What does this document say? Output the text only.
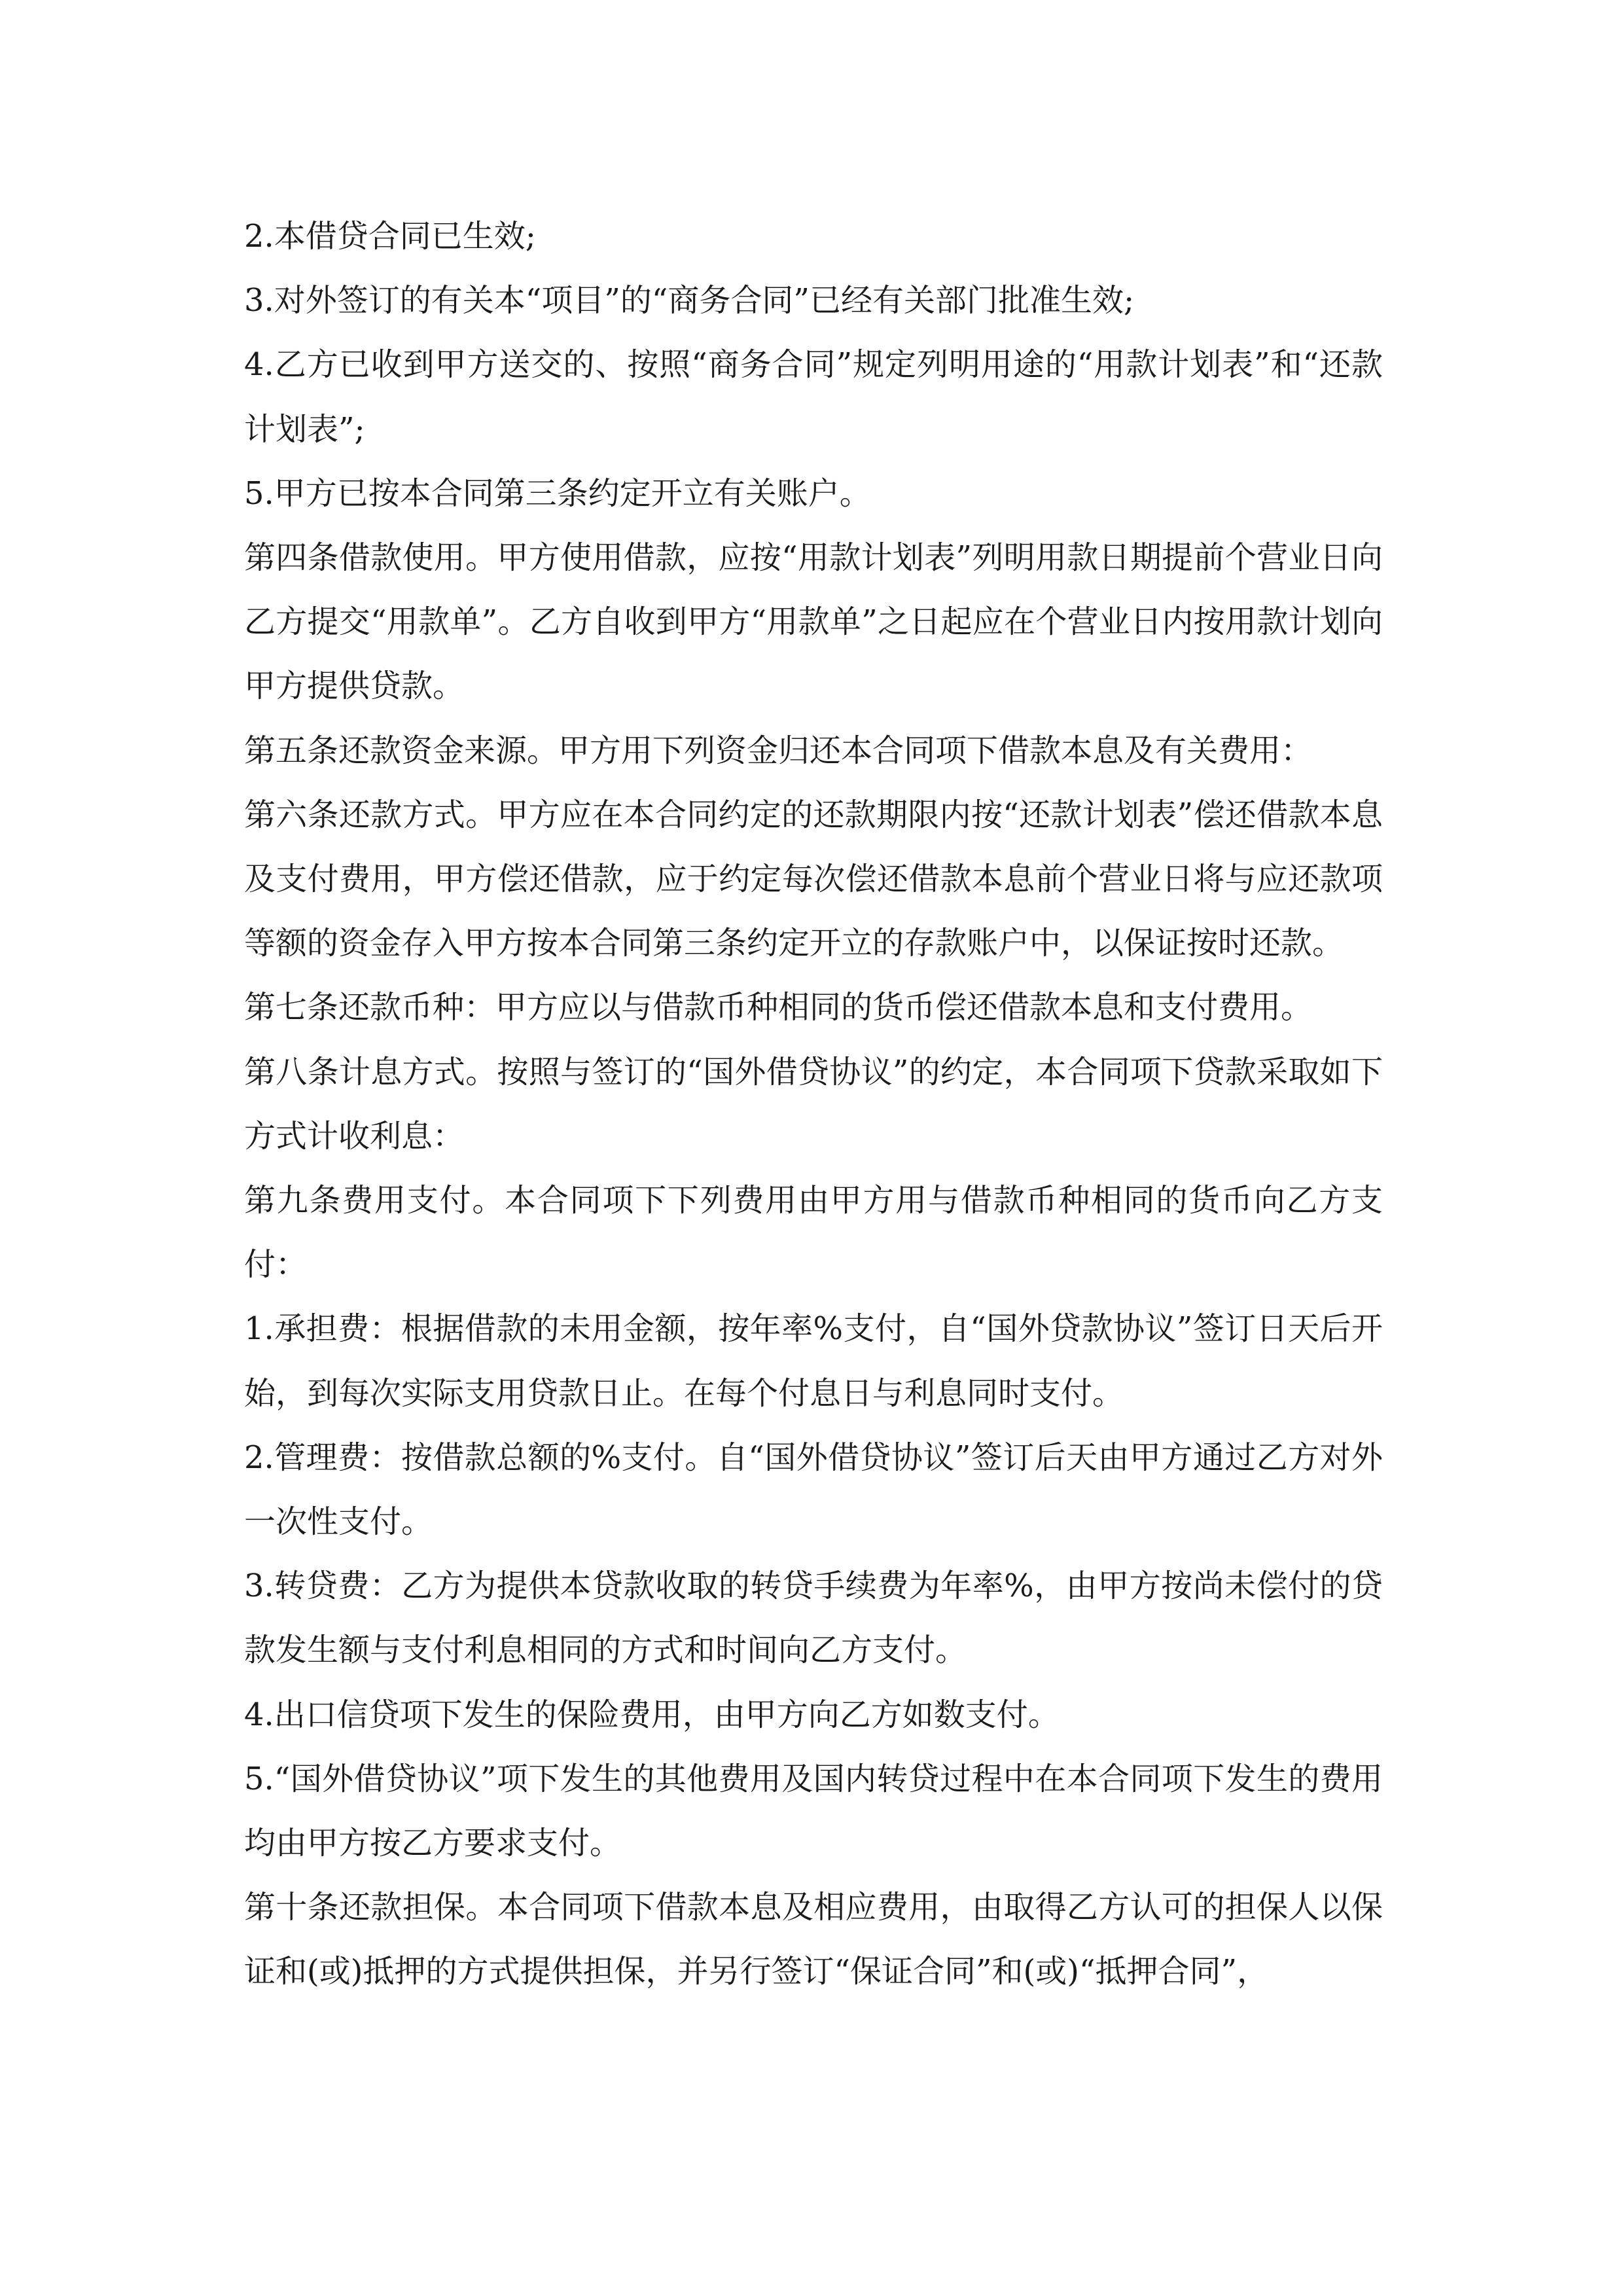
2.本借贷合同已生效;

3.对外签订的有关本“项目”的“商务合同”已经有关部门批准生效;

4.乙方已收到甲方送交的、按照“商务合同”规定列明用途的“用款计划表”和“还款计划表”;

5.甲方已按本合同第三条约定开立有关账户。

第四条借款使用。甲方使用借款，应按“用款计划表”列明用款日期提前个营业日向乙方提交“用款单”。乙方自收到甲方“用款单”之日起应在个营业日内按用款计划向甲方提供贷款。

第五条还款资金来源。甲方用下列资金归还本合同项下借款本息及有关费用：

第六条还款方式。甲方应在本合同约定的还款期限内按“还款计划表”偿还借款本息及支付费用，甲方偿还借款，应于约定每次偿还借款本息前个营业日将与应还款项等额的资金存入甲方按本合同第三条约定开立的存款账户中，以保证按时还款。

第七条还款币种：甲方应以与借款币种相同的货币偿还借款本息和支付费用。

第八条计息方式。按照与签订的“国外借贷协议”的约定，本合同项下贷款采取如下方式计收利息：

第九条费用支付。本合同项下下列费用由甲方用与借款币种相同的货币向乙方支付：

1.承担费：根据借款的未用金额，按年率%支付，自“国外贷款协议”签订日天后开始，到每次实际支用贷款日止。在每个付息日与利息同时支付。

2.管理费：按借款总额的%支付。自“国外借贷协议”签订后天由甲方通过乙方对外一次性支付。

3.转贷费：乙方为提供本贷款收取的转贷手续费为年率%，由甲方按尚未偿付的贷款发生额与支付利息相同的方式和时间向乙方支付。

4.出口信贷项下发生的保险费用，由甲方向乙方如数支付。

5.“国外借贷协议”项下发生的其他费用及国内转贷过程中在本合同项下发生的费用均由甲方按乙方要求支付。

第十条还款担保。本合同项下借款本息及相应费用，由取得乙方认可的担保人以保证和(或)抵押的方式提供担保，并另行签订“保证合同”和(或)“抵押合同”，
